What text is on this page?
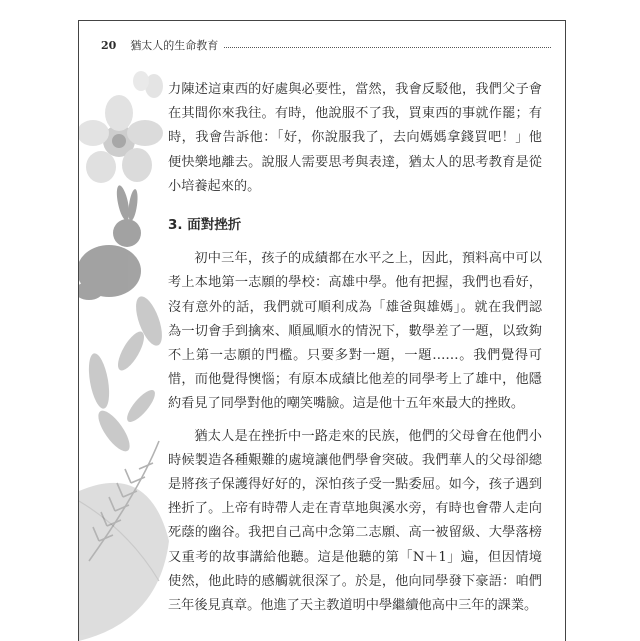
20 猶太人的生命教育

力陳述這東西的好處與必要性，當然，我會反駁他，我們父子會在其間你來我往。有時，他說服不了我，買東西的事就作罷；有時，我會告訴他：「好，你說服我了，去向媽媽拿錢買吧！」他便快樂地離去。說服人需要思考與表達，猶太人的思考教育是從小培養起來的。

3. 面對挫折

初中三年，孩子的成績都在水平之上，因此，預料高中可以考上本地第一志願的學校：高雄中學。他有把握，我們也看好，沒有意外的話，我們就可順利成為「雄爸與雄媽」。就在我們認為一切會手到擒來、順風順水的情況下，數學差了一題，以致夠不上第一志願的門檻。只要多對一題，一題……。我們覺得可惜，而他覺得懊惱；有原本成績比他差的同學考上了雄中，他隱約看見了同學對他的嘲笑嘴臉。這是他十五年來最大的挫敗。

猶太人是在挫折中一路走來的民族，他們的父母會在他們小時候製造各種艱難的處境讓他們學會突破。我們華人的父母卻總是將孩子保護得好好的，深怕孩子受一點委屈。如今，孩子遇到挫折了。上帝有時帶人走在青草地與溪水旁，有時也會帶人走向死蔭的幽谷。我把自己高中念第二志願、高一被留級、大學落榜又重考的故事講給他聽。這是他聽的第「N＋1」遍，但因情境使然，他此時的感觸就很深了。於是，他向同學發下豪語：咱們三年後見真章。他進了天主教道明中學繼續他高中三年的課業。
